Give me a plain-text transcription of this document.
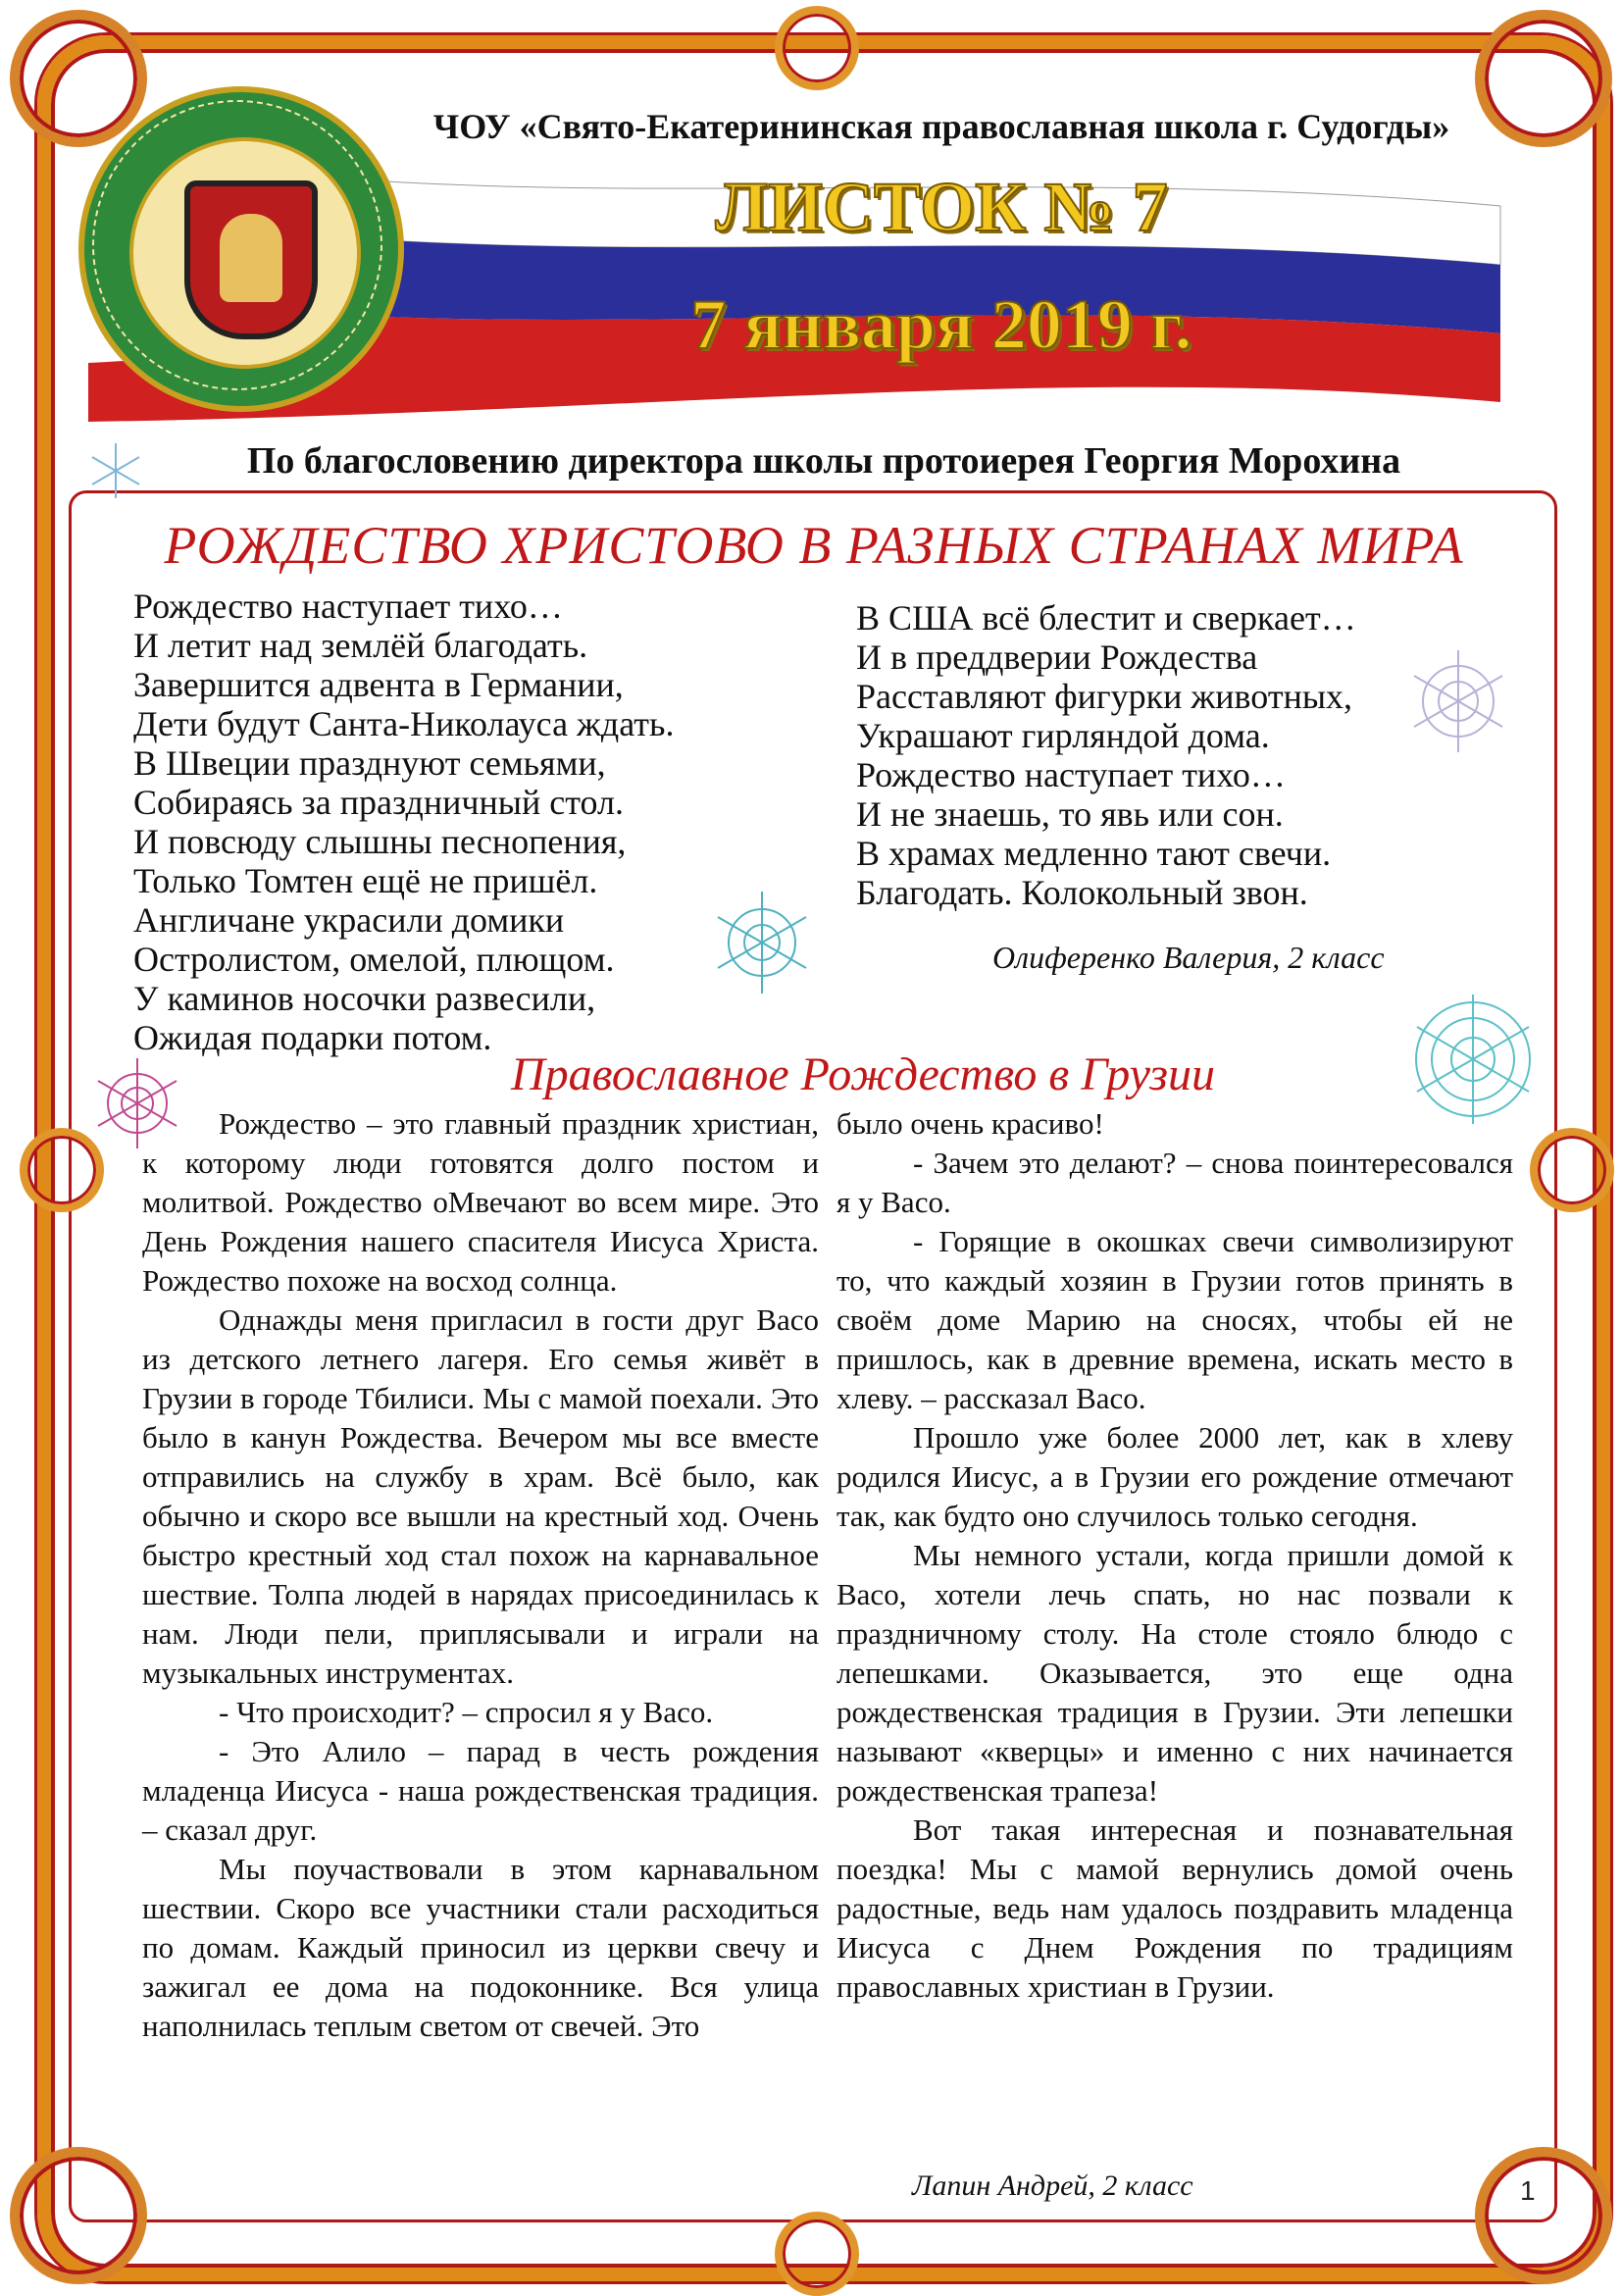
ЧОУ «Свято-Екатерининская православная школа г. Судогды»
ЛИСТОК № 7
7 января 2019 г.
По благословению директора школы протоиерея Георгия Морохина
РОЖДЕСТВО ХРИСТОВО В РАЗНЫХ СТРАНАХ МИРА
Рождество наступает тихо…
И летит над землёй благодать.
Завершится адвента в Германии,
Дети будут Санта-Николауса ждать.
В Швеции празднуют семьями,
Собираясь за праздничный стол.
И повсюду слышны песнопения,
Только Томтен ещё не пришёл.
Англичане украсили домики
Остролистом, омелой, плющом.
У каминов носочки развесили,
Ожидая подарки потом.
В США всё блестит и сверкает…
И в преддверии Рождества
Расставляют фигурки животных,
Украшают гирляндой дома.
Рождество наступает тихо…
И не знаешь, то явь или сон.
В храмах медленно тают свечи.
Благодать. Колокольный звон.
Олиференко Валерия, 2 класс
Православное Рождество в Грузии

Рождество – это главный праздник христиан, к которому люди готовятся долго постом и молитвой. Рождество оMвечают во всем мире. Это День Рождения нашего спасителя Иисуса Христа. Рождество похоже на восход солнца.

Однажды меня пригласил в гости друг Васо из детского летнего лагеря. Его семья живёт в Грузии в городе Тбилиси. Мы с мамой поехали. Это было в канун Рождества. Вечером мы все вместе отправились на службу в храм. Всё было, как обычно и скоро все вышли на крестный ход. Очень быстро крестный ход стал похож на карнавальное шествие. Толпа людей в нарядах присоединилась к нам. Люди пели, приплясывали и играли на музыкальных инструментах.

- Что происходит? – спросил я у Васо.

- Это Алило – парад в честь рождения младенца Иисуса - наша рождественская традиция. – сказал друг.

Мы поучаствовали в этом карнавальном шествии. Скоро все участники стали расходиться по домам. Каждый приносил из церкви свечу и зажигал ее дома на подоконнике. Вся улица наполнилась теплым светом от свечей. Это

было очень красиво!

- Зачем это делают? – снова поинтересовался я у Васо.

- Горящие в окошках свечи символизируют то, что каждый хозяин в Грузии готов принять в своём доме Марию на сносях, чтобы ей не пришлось, как в древние времена, искать место в хлеву. – рассказал Васо.

Прошло уже более 2000 лет, как в хлеву родился Иисус, а в Грузии его рождение отмечают так, как будто оно случилось только сегодня.

Мы немного устали, когда пришли домой к Васо, хотели лечь спать, но нас позвали к праздничному столу. На столе стояло блюдо с лепешками. Оказывается, это еще одна рождественская традиция в Грузии. Эти лепешки называют «кверцы» и именно с них начинается рождественская трапеза!

Вот такая интересная и познавательная поездка! Мы с мамой вернулись домой очень радостные, ведь нам удалось поздравить младенца Иисуса с Днем Рождения по традициям православных христиан в Грузии.

Лапин Андрей, 2 класс	1
